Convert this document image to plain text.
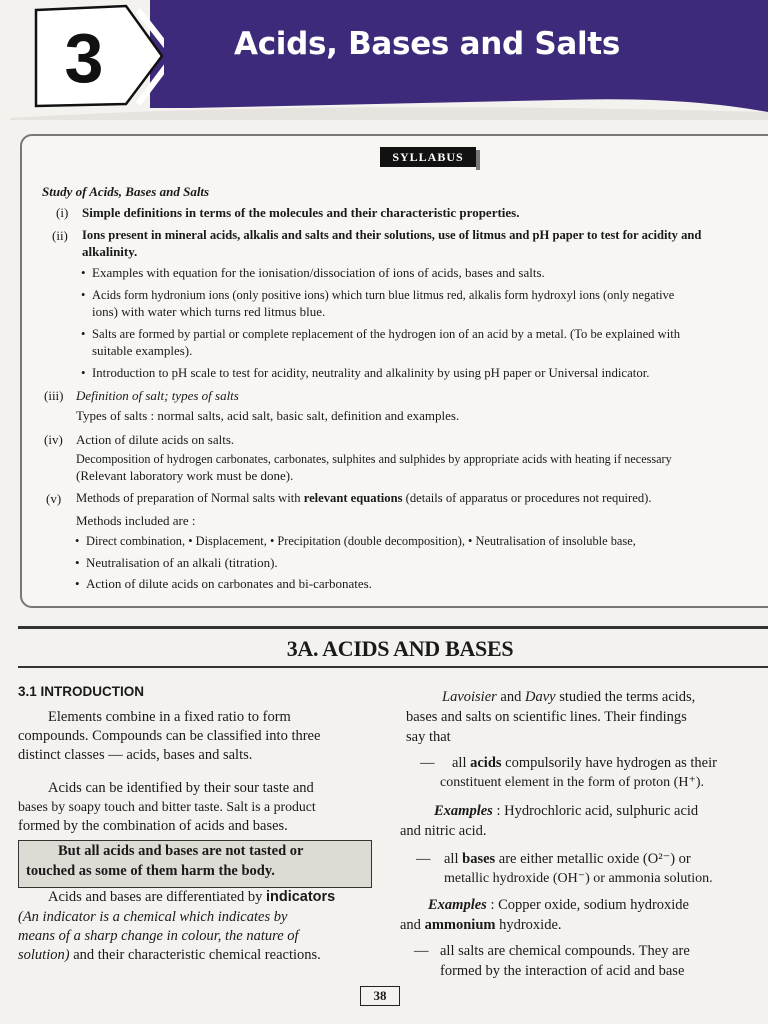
3	Acids, Bases and Salts
SYLLABUS
Study of Acids, Bases and Salts
(i) Simple definitions in terms of the molecules and their characteristic properties.
(ii) Ions present in mineral acids, alkalis and salts and their solutions, use of litmus and pH paper to test for acidity and
alkalinity.
• Examples with equation for the ionisation/dissociation of ions of acids, bases and salts.
• Acids form hydronium ions (only positive ions) which turn blue litmus red, alkalis form hydroxyl ions (only negative
ions) with water which turns red litmus blue.
• Salts are formed by partial or complete replacement of the hydrogen ion of an acid by a metal. (To be explained with
suitable examples).
• Introduction to pH scale to test for acidity, neutrality and alkalinity by using pH paper or Universal indicator.
(iii) Definition of salt; types of salts
Types of salts : normal salts, acid salt, basic salt, definition and examples.
(iv) Action of dilute acids on salts.
Decomposition of hydrogen carbonates, carbonates, sulphites and sulphides by appropriate acids with heating if necessary
(Relevant laboratory work must be done).
(v) Methods of preparation of Normal salts with relevant equations (details of apparatus or procedures not required).
Methods included are :
• Direct combination, • Displacement, • Precipitation (double decomposition), • Neutralisation of insoluble base,
• Neutralisation of an alkali (titration).
• Action of dilute acids on carbonates and bi-carbonates.
3A. ACIDS AND BASES
3.1 INTRODUCTION
Elements combine in a fixed ratio to form
compounds. Compounds can be classified into three
distinct classes — acids, bases and salts.
Acids can be identified by their sour taste and
bases by soapy touch and bitter taste. Salt is a product
formed by the combination of acids and bases.
But all acids and bases are not tasted or
touched as some of them harm the body.
Acids and bases are differentiated by indicators
(An indicator is a chemical which indicates by
means of a sharp change in colour, the nature of
solution) and their characteristic chemical reactions.
Lavoisier and Davy studied the terms acids,
bases and salts on scientific lines. Their findings
say that
— all acids compulsorily have hydrogen as their
constituent element in the form of proton (H⁺).
Examples : Hydrochloric acid, sulphuric acid
and nitric acid.
— all bases are either metallic oxide (O²⁻) or
metallic hydroxide (OH⁻) or ammonia solution.
Examples : Copper oxide, sodium hydroxide
and ammonium hydroxide.
— all salts are chemical compounds. They are
formed by the interaction of acid and base
38
